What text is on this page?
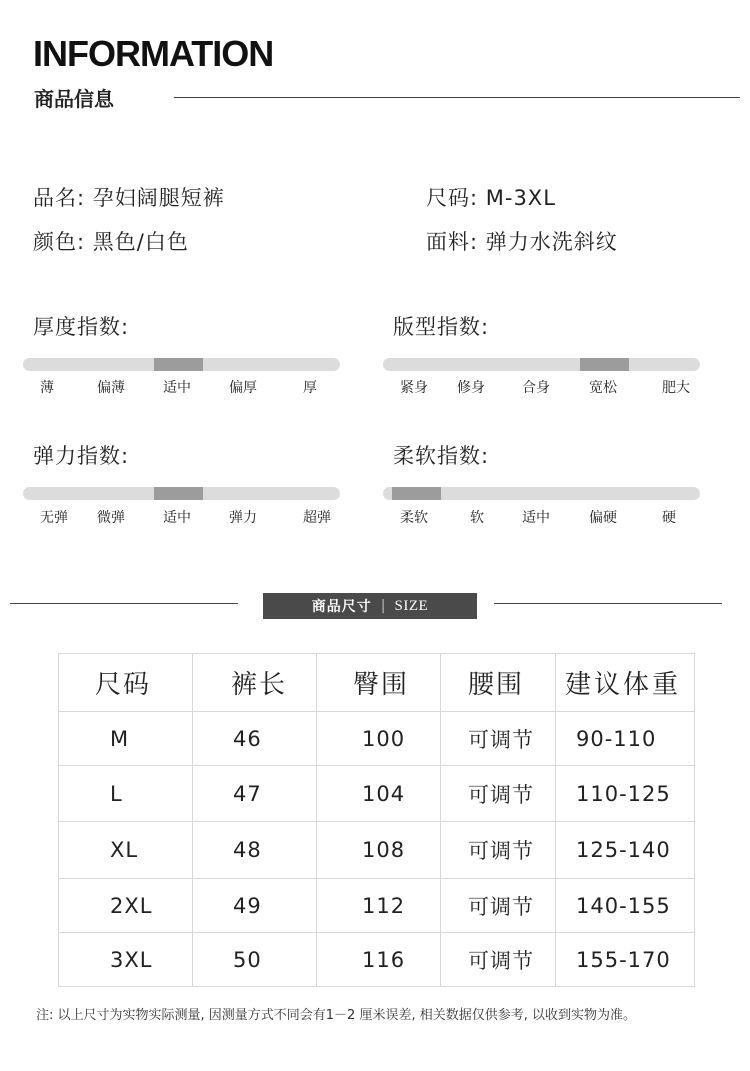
INFORMATION
商品信息
品名: 孕妇阔腿短裤	尺码: M-3XL
颜色: 黑色/白色	面料: 弹力水洗斜纹
厚度指数:
薄	偏薄	适中	偏厚	厚
版型指数:
紧身 修身	合身	宽松	肥大
弹力指数:
无弹 微弹	适中	弹力	超弹
柔软指数:
柔软	软	适中	偏硬	硬
商品尺寸 | SIZE
尺码	裤长	臀围	腰围	建议体重
M	46	100	可调节	90-110
L	47	104	可调节	110-125
XL	48	108	可调节	125-140
2XL	49	112	可调节	140-155
3XL	50	116	可调节	155-170
注: 以上尺寸为实物实际测量, 因测量方式不同会有1－2 厘米误差, 相关数据仅供参考, 以收到实物为准。
